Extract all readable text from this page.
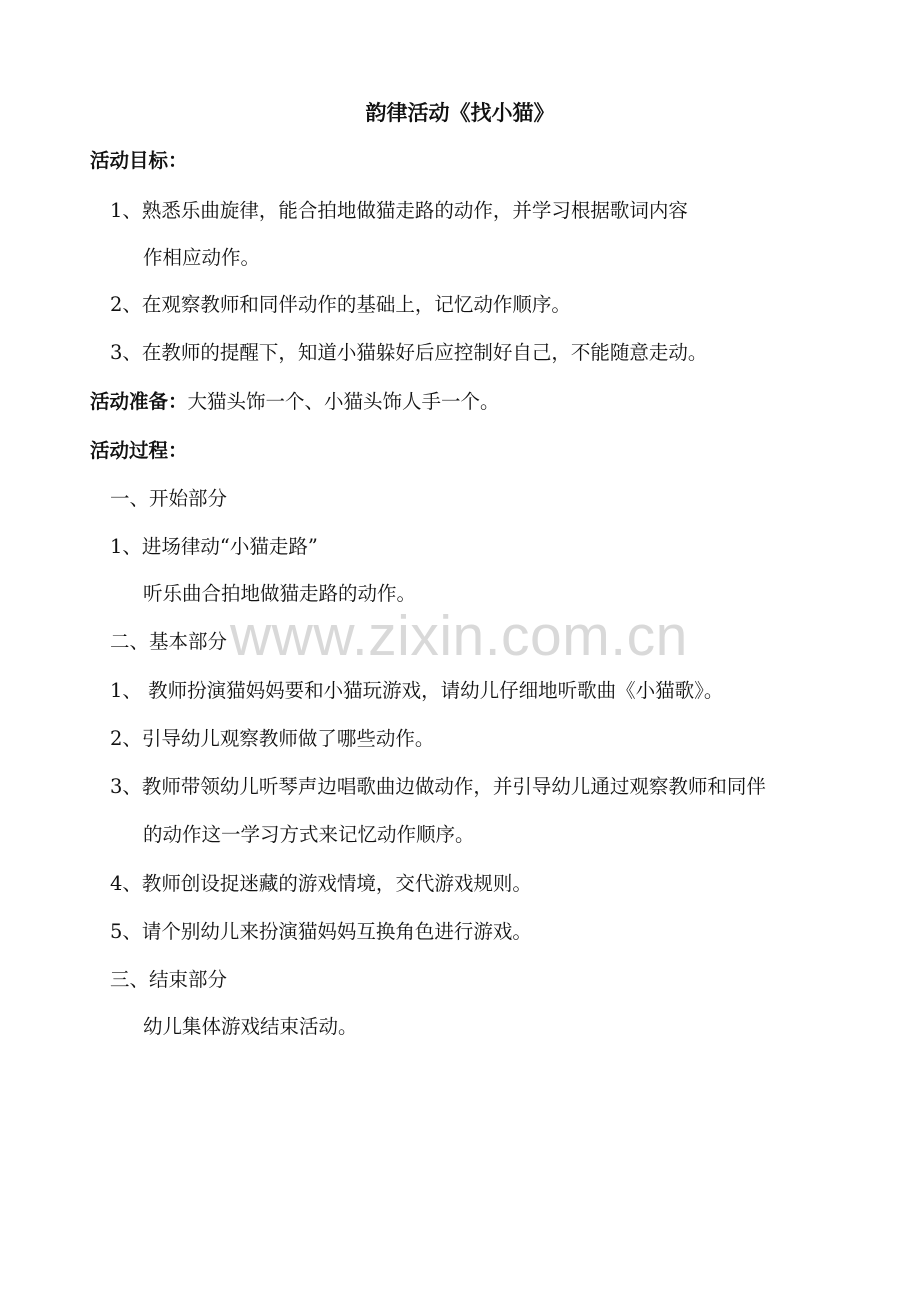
韵律活动《找小猫》

活动目标：

1、熟悉乐曲旋律，能合拍地做猫走路的动作，并学习根据歌词内容

作相应动作。

2、在观察教师和同伴动作的基础上，记忆动作顺序。

3、在教师的提醒下，知道小猫躲好后应控制好自己，不能随意走动。

活动准备：大猫头饰一个、小猫头饰人手一个。

活动过程：

一、开始部分

1、进场律动“小猫走路”

听乐曲合拍地做猫走路的动作。

二、基本部分

1、 教师扮演猫妈妈要和小猫玩游戏，请幼儿仔细地听歌曲《小猫歌》。

2、引导幼儿观察教师做了哪些动作。

3、教师带领幼儿听琴声边唱歌曲边做动作，并引导幼儿通过观察教师和同伴

的动作这一学习方式来记忆动作顺序。

4、教师创设捉迷藏的游戏情境，交代游戏规则。

5、请个别幼儿来扮演猫妈妈互换角色进行游戏。

三、结束部分

幼儿集体游戏结束活动。

www.zixin.com.cn
